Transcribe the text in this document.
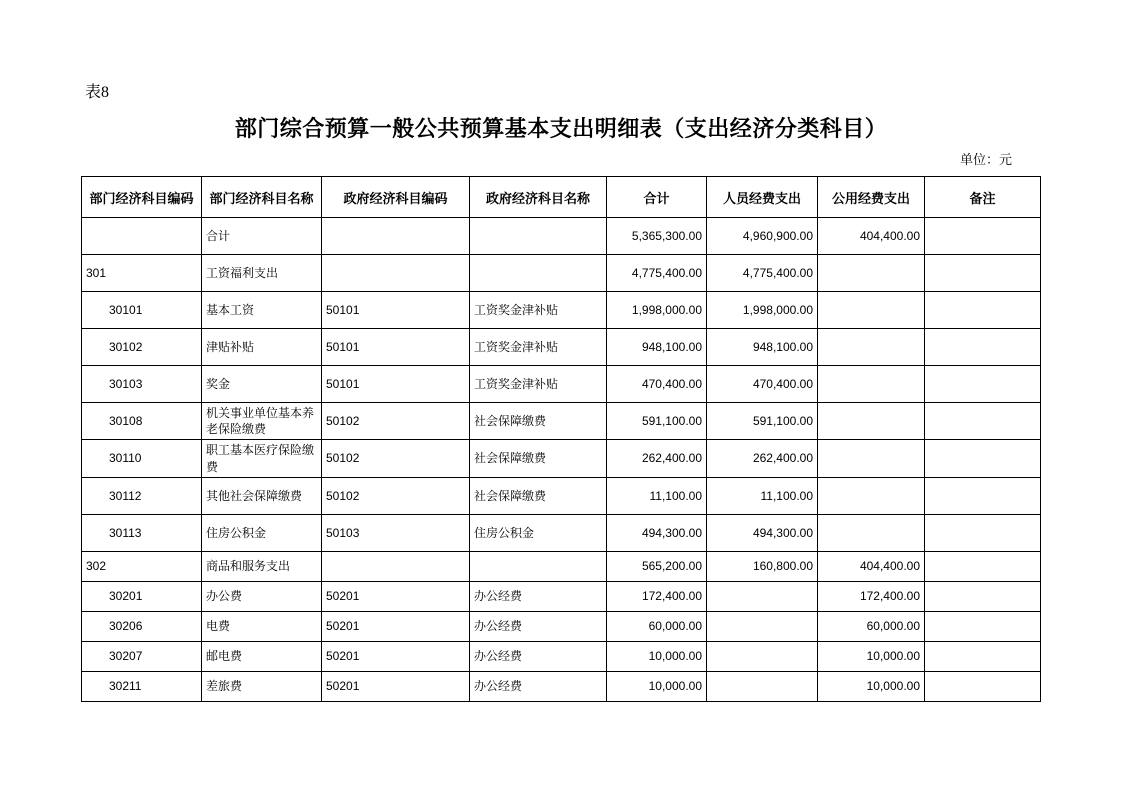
表8
部门综合预算一般公共预算基本支出明细表（支出经济分类科目）
单位：元
部门经济科目编码	部门经济科目名称	政府经济科目编码	政府经济科目名称	合计	人员经费支出	公用经费支出	备注
	合计			5,365,300.00	4,960,900.00	404,400.00	
301	工资福利支出			4,775,400.00	4,775,400.00		
30101	基本工资	50101	工资奖金津补贴	1,998,000.00	1,998,000.00		
30102	津贴补贴	50101	工资奖金津补贴	948,100.00	948,100.00		
30103	奖金	50101	工资奖金津补贴	470,400.00	470,400.00		
30108	机关事业单位基本养老保险缴费	50102	社会保障缴费	591,100.00	591,100.00		
30110	职工基本医疗保险缴费	50102	社会保障缴费	262,400.00	262,400.00		
30112	其他社会保障缴费	50102	社会保障缴费	11,100.00	11,100.00		
30113	住房公积金	50103	住房公积金	494,300.00	494,300.00		
302	商品和服务支出			565,200.00	160,800.00	404,400.00	
30201	办公费	50201	办公经费	172,400.00		172,400.00	
30206	电费	50201	办公经费	60,000.00		60,000.00	
30207	邮电费	50201	办公经费	10,000.00		10,000.00	
30211	差旅费	50201	办公经费	10,000.00		10,000.00	
